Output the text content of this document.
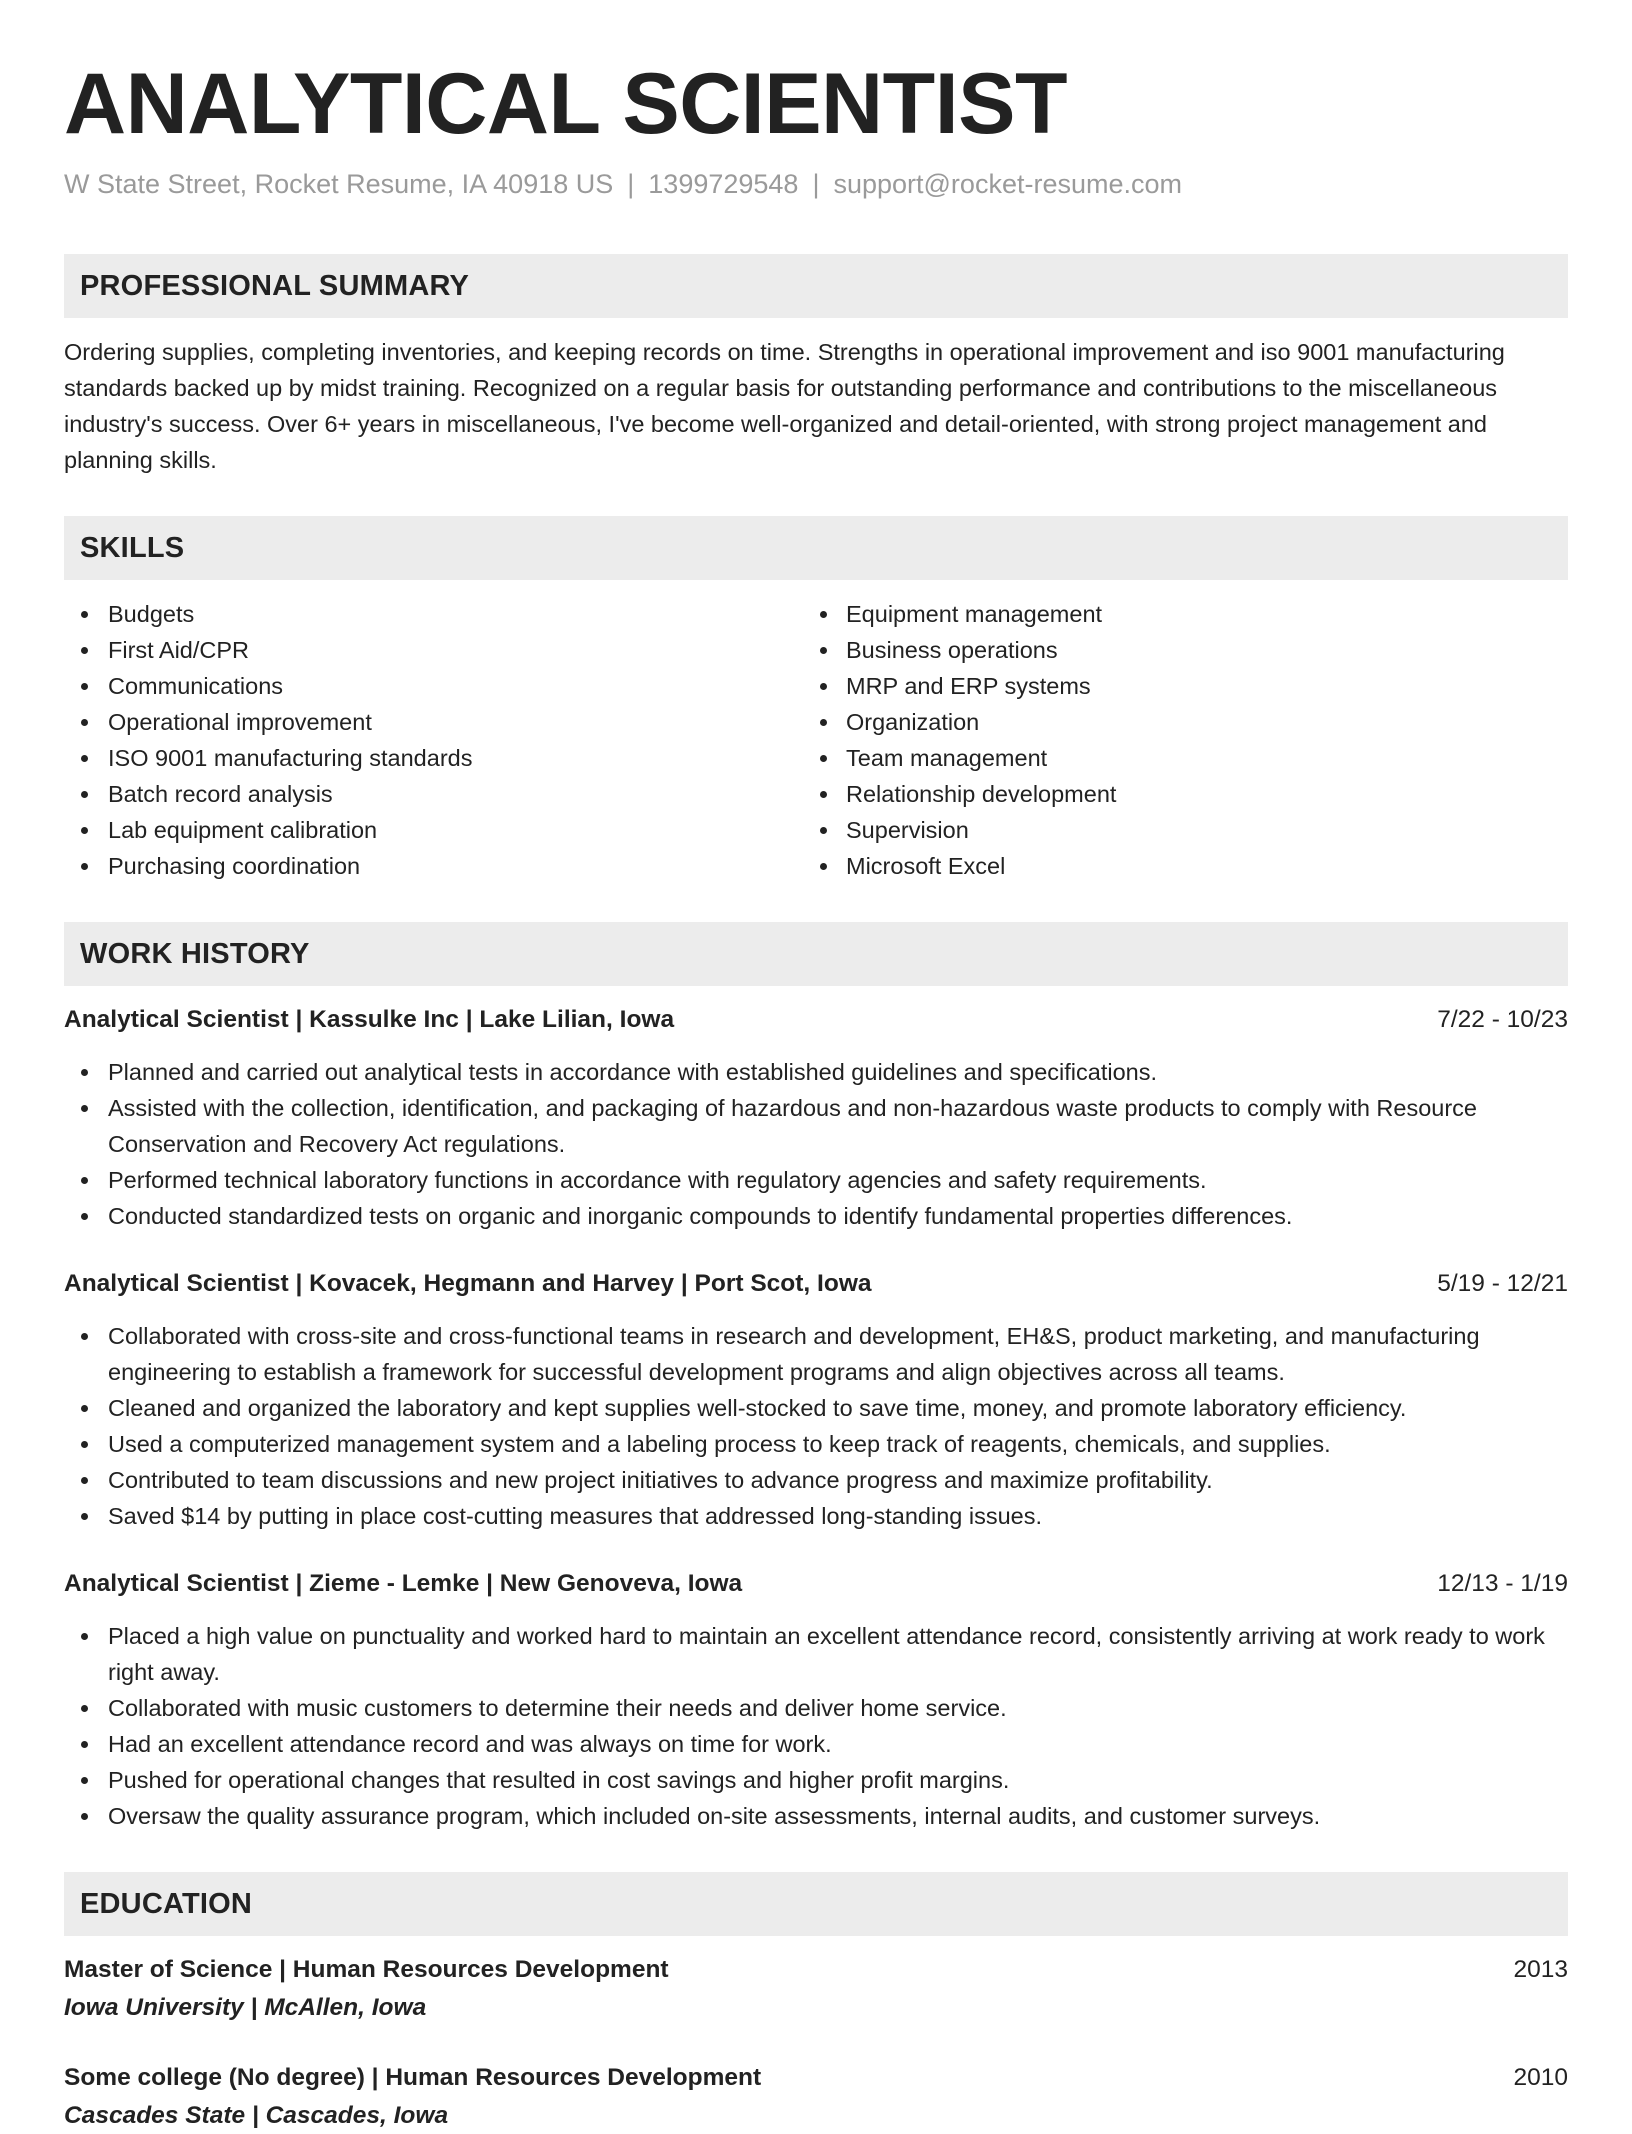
ANALYTICAL SCIENTIST
W State Street, Rocket Resume, IA 40918 US | 1399729548 | support@rocket-resume.com
PROFESSIONAL SUMMARY
Ordering supplies, completing inventories, and keeping records on time. Strengths in operational improvement and iso 9001 manufacturing standards backed up by midst training. Recognized on a regular basis for outstanding performance and contributions to the miscellaneous industry's success. Over 6+ years in miscellaneous, I've become well-organized and detail-oriented, with strong project management and planning skills.
SKILLS
Budgets
First Aid/CPR
Communications
Operational improvement
ISO 9001 manufacturing standards
Batch record analysis
Lab equipment calibration
Purchasing coordination
Equipment management
Business operations
MRP and ERP systems
Organization
Team management
Relationship development
Supervision
Microsoft Excel
WORK HISTORY
Analytical Scientist | Kassulke Inc | Lake Lilian, Iowa	7/22 - 10/23
Planned and carried out analytical tests in accordance with established guidelines and specifications.
Assisted with the collection, identification, and packaging of hazardous and non-hazardous waste products to comply with Resource Conservation and Recovery Act regulations.
Performed technical laboratory functions in accordance with regulatory agencies and safety requirements.
Conducted standardized tests on organic and inorganic compounds to identify fundamental properties differences.
Analytical Scientist | Kovacek, Hegmann and Harvey | Port Scot, Iowa	5/19 - 12/21
Collaborated with cross-site and cross-functional teams in research and development, EH&S, product marketing, and manufacturing engineering to establish a framework for successful development programs and align objectives across all teams.
Cleaned and organized the laboratory and kept supplies well-stocked to save time, money, and promote laboratory efficiency.
Used a computerized management system and a labeling process to keep track of reagents, chemicals, and supplies.
Contributed to team discussions and new project initiatives to advance progress and maximize profitability.
Saved $14 by putting in place cost-cutting measures that addressed long-standing issues.
Analytical Scientist | Zieme - Lemke | New Genoveva, Iowa	12/13 - 1/19
Placed a high value on punctuality and worked hard to maintain an excellent attendance record, consistently arriving at work ready to work right away.
Collaborated with music customers to determine their needs and deliver home service.
Had an excellent attendance record and was always on time for work.
Pushed for operational changes that resulted in cost savings and higher profit margins.
Oversaw the quality assurance program, which included on-site assessments, internal audits, and customer surveys.
EDUCATION
Master of Science | Human Resources Development	2013
Iowa University | McAllen, Iowa
Some college (No degree) | Human Resources Development	2010
Cascades State | Cascades, Iowa
